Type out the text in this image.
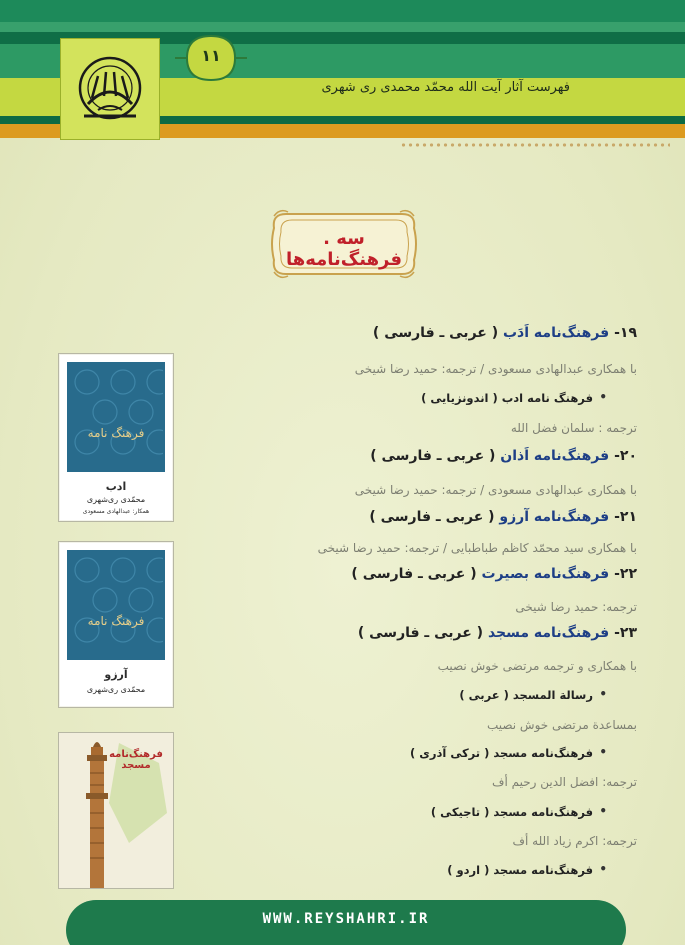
فهرست آثار آیت الله محمّد محمدی ری شهری
۱۱
سه . فرهنگ‌نامه‌ها
۱۹- فرهنگ‌نامه اَدَب ( عربی ـ فارسی )
با همکاری عبدالهادی مسعودی / ترجمه: حمید رضا شیخی
• فرهنگ نامه ادب ( اندونزیایی )
ترجمه : سلمان فضل الله
۲۰- فرهنگ‌نامه اَذان ( عربی ـ فارسی )
با همکاری عبدالهادی مسعودی / ترجمه: حمید رضا شیخی
۲۱- فرهنگ‌نامه آرزو ( عربی ـ فارسی )
با همکاری سید محمّد کاظم طباطبایی / ترجمه: حمید رضا شیخی
۲۲- فرهنگ‌نامه بصیرت ( عربی ـ فارسی )
ترجمه: حمید رضا شیخی
۲۳- فرهنگ‌نامه مسجد ( عربی ـ فارسی )
با همکاری و ترجمه مرتضی خوش نصیب
• رسالة المسجد ( عربی )
بمساعدة مرتضی خوش نصیب
• فرهنگ‌نامه مسجد ( ترکی آذری )
ترجمه: افضل الدین رحیم أف
• فرهنگ‌نامه مسجد ( تاجیکی )
ترجمه: اکرم زیاد الله أف
• فرهنگ‌نامه مسجد ( اردو )
فرهنگ نامه
ادب
محمّدی ری‌شهری
همکار: عبدالهادی مسعودی
فرهنگ نامه
آرزو
محمّدی ری‌شهری
فرهنگ‌نامه مسجد
WWW.REYSHAHRI.IR
